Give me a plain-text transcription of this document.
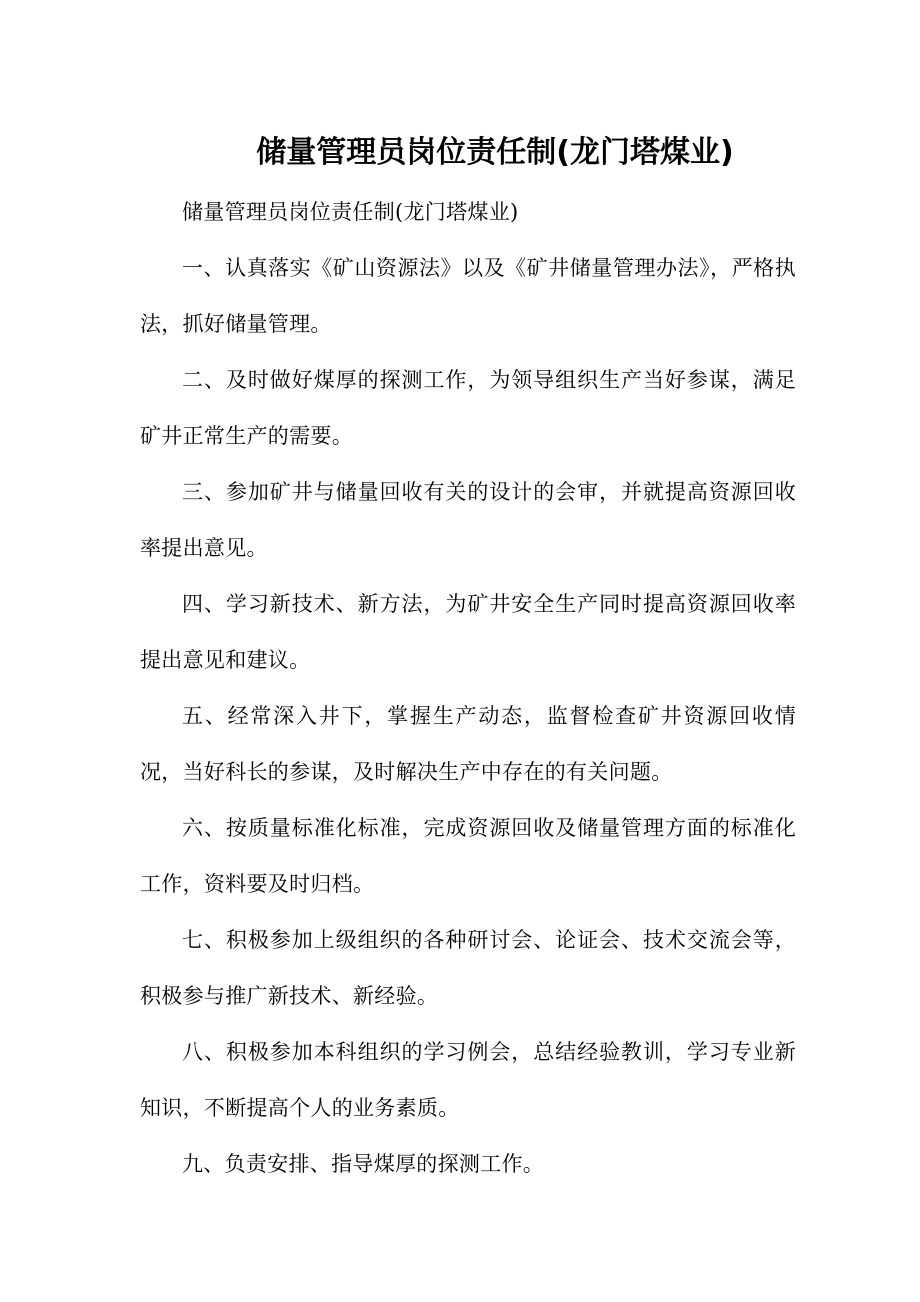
储量管理员岗位责任制(龙门塔煤业)

储量管理员岗位责任制(龙门塔煤业)

一、认真落实《矿山资源法》以及《矿井储量管理办法》，严格执法，抓好储量管理。

二、及时做好煤厚的探测工作，为领导组织生产当好参谋，满足矿井正常生产的需要。

三、参加矿井与储量回收有关的设计的会审，并就提高资源回收率提出意见。

四、学习新技术、新方法，为矿井安全生产同时提高资源回收率提出意见和建议。

五、经常深入井下，掌握生产动态，监督检查矿井资源回收情况，当好科长的参谋，及时解决生产中存在的有关问题。

六、按质量标准化标准，完成资源回收及储量管理方面的标准化工作，资料要及时归档。

七、积极参加上级组织的各种研讨会、论证会、技术交流会等，积极参与推广新技术、新经验。

八、积极参加本科组织的学习例会，总结经验教训，学习专业新知识，不断提高个人的业务素质。

九、负责安排、指导煤厚的探测工作。
